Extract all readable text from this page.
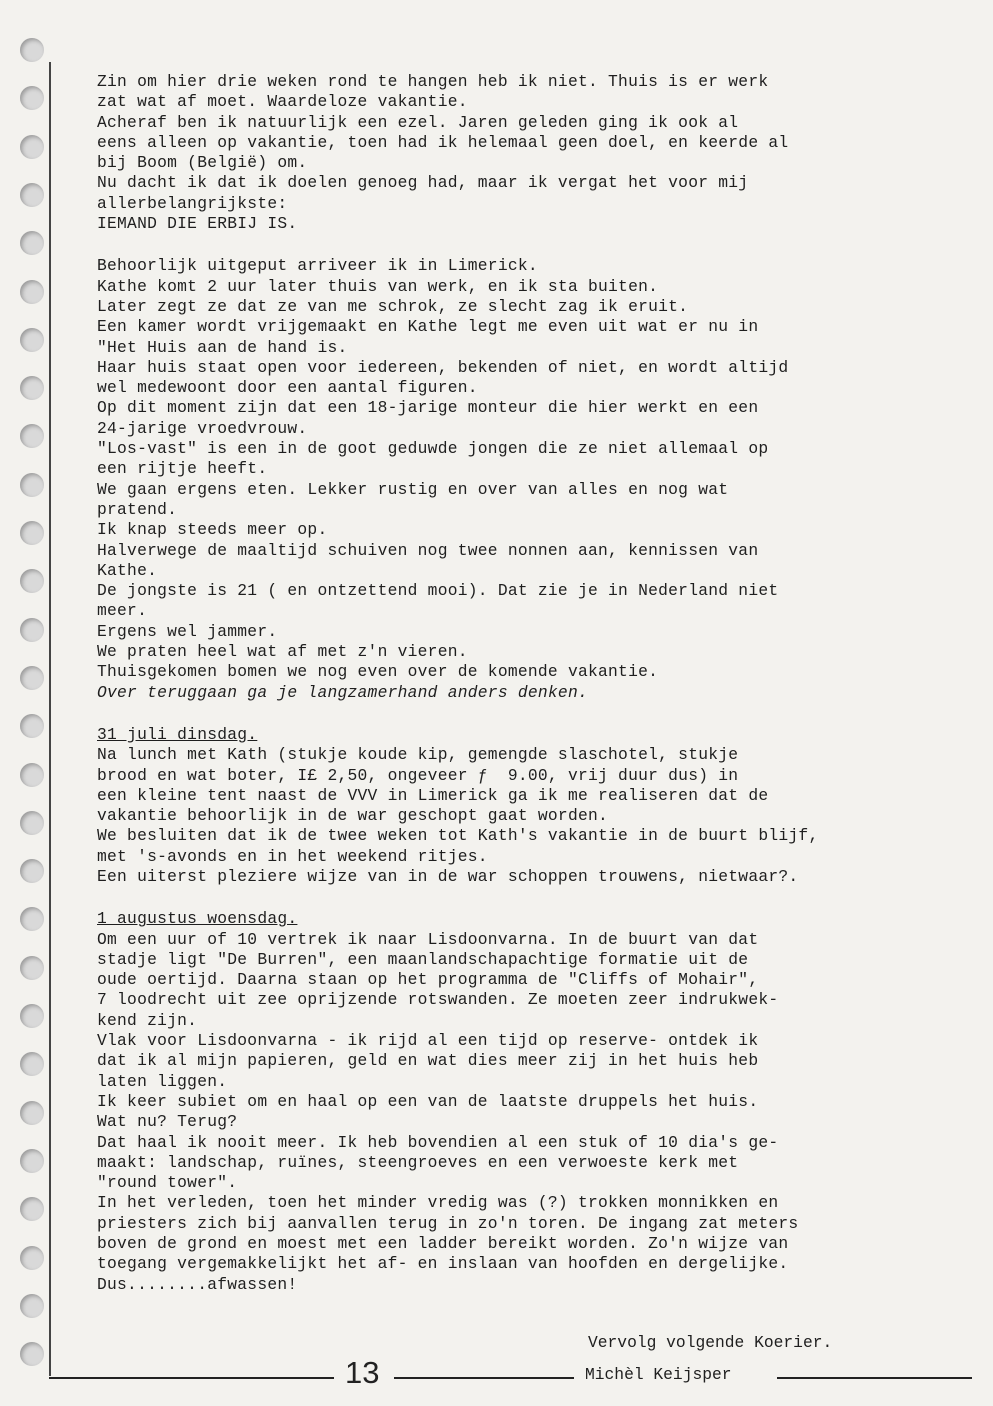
Zin om hier drie weken rond te hangen heb ik niet. Thuis is er werk
zat wat af moet. Waardeloze vakantie.
Acheraf ben ik natuurlijk een ezel. Jaren geleden ging ik ook al
eens alleen op vakantie, toen had ik helemaal geen doel, en keerde al
bij Boom (België) om.
Nu dacht ik dat ik doelen genoeg had, maar ik vergat het voor mij
allerbelangrijkste:
IEMAND DIE ERBIJ IS.
Behoorlijk uitgeput arriveer ik in Limerick.
Kathe komt 2 uur later thuis van werk, en ik sta buiten.
Later zegt ze dat ze van me schrok, ze slecht zag ik eruit.
Een kamer wordt vrijgemaakt en Kathe legt me even uit wat er nu in
"Het Huis aan de hand is.
Haar huis staat open voor iedereen, bekenden of niet, en wordt altijd
wel medewoont door een aantal figuren.
Op dit moment zijn dat een 18-jarige monteur die hier werkt en een
24-jarige vroedvrouw.
"Los-vast" is een in de goot geduwde jongen die ze niet allemaal op
een rijtje heeft.
We gaan ergens eten. Lekker rustig en over van alles en nog wat
pratend.
Ik knap steeds meer op.
Halverwege de maaltijd schuiven nog twee nonnen aan, kennissen van
Kathe.
De jongste is 21 ( en ontzettend mooi). Dat zie je in Nederland niet
meer.
Ergens wel jammer.
We praten heel wat af met z'n vieren.
Thuisgekomen bomen we nog even over de komende vakantie.
Over teruggaan ga je langzamerhand anders denken.
31 juli dinsdag.
Na lunch met Kath (stukje koude kip, gemengde slaschotel, stukje
brood en wat boter, I£ 2,50, ongeveer ƒ  9.00, vrij duur dus) in
een kleine tent naast de VVV in Limerick ga ik me realiseren dat de
vakantie behoorlijk in de war geschopt gaat worden.
We besluiten dat ik de twee weken tot Kath's vakantie in de buurt blijf,
met 's-avonds en in het weekend ritjes.
Een uiterst pleziere wijze van in de war schoppen trouwens, nietwaar?.
1 augustus woensdag.
Om een uur of 10 vertrek ik naar Lisdoonvarna. In de buurt van dat
stadje ligt "De Burren", een maanlandschapachtige formatie uit de
oude oertijd. Daarna staan op het programma de "Cliffs of Mohair",
7 loodrecht uit zee oprijzende rotswanden. Ze moeten zeer indrukwek-
kend zijn.
Vlak voor Lisdoonvarna - ik rijd al een tijd op reserve- ontdek ik
dat ik al mijn papieren, geld en wat dies meer zij in het huis heb
laten liggen.
Ik keer subiet om en haal op een van de laatste druppels het huis.
Wat nu? Terug?
Dat haal ik nooit meer. Ik heb bovendien al een stuk of 10 dia's ge-
maakt: landschap, ruïnes, steengroeves en een verwoeste kerk met
"round tower".
In het verleden, toen het minder vredig was (?) trokken monnikken en
priesters zich bij aanvallen terug in zo'n toren. De ingang zat meters
boven de grond en moest met een ladder bereikt worden. Zo'n wijze van
toegang vergemakkelijkt het af- en inslaan van hoofden en dergelijke.
Dus........afwassen!
Vervolg volgende Koerier.
13	Michèl Keijsper
